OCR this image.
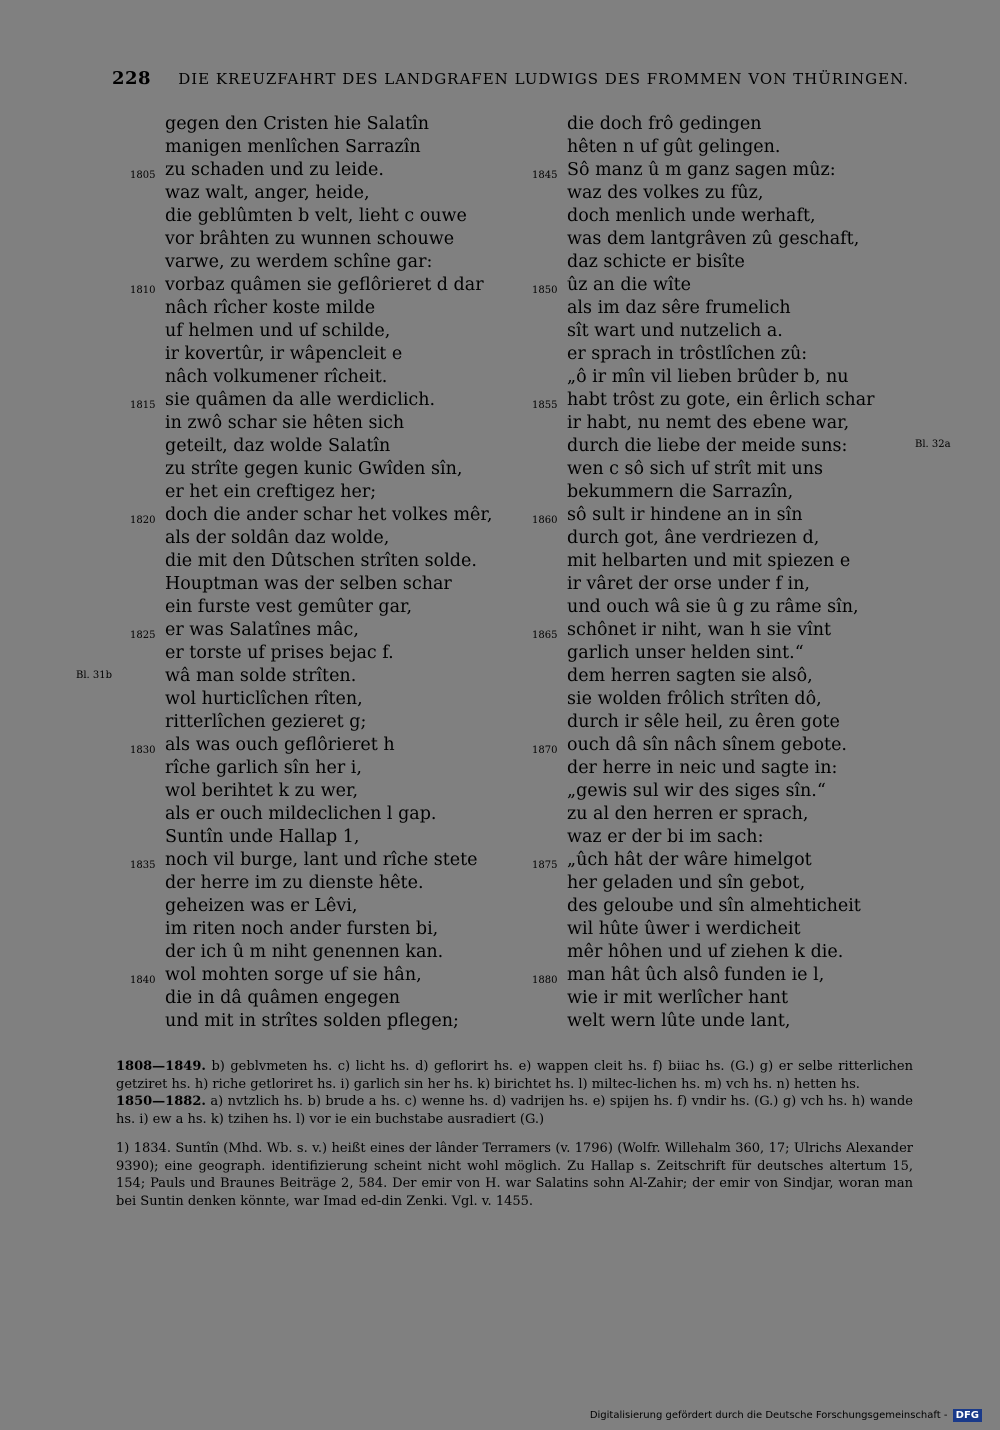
228 DIE KREUZFAHRT DES LANDGRAFEN LUDWIGS DES FROMMEN VON THÜRINGEN.
gegen den Cristen hie Salatîn
manigen menlîchen Sarrazîn
1805 zu schaden und zu leide.
waz walt, anger, heide,
die geblûmten b velt, lieht c ouwe
vor brâhten zu wunnen schouwe
varwe, zu werdem schîne gar:
1810 vorbaz quâmen sie geflôrieret d dar
nâch rîcher koste milde
uf helmen und uf schilde,
ir kovertûr, ir wâpencleit e
nâch volkumener rîcheit.
1815 sie quâmen da alle werdiclich.
in zwô schar sie hêten sich
geteilt, daz wolde Salatîn
zu strîte gegen kunic Gwîden sîn,
er het ein creftigez her;
1820 doch die ander schar het volkes mêr,
als der soldân daz wolde,
die mit den Dûtschen strîten solde.
Houptman was der selben schar
ein furste vest gemûter gar,
1825 er was Salatînes mâc,
er torste uf prises bejac f.
wâ man solde strîten.
wol hurticlîchen rîten,
ritterlîchen gezieret g;
1830 als was ouch geflôrieret h
rîche garlich sîn her i,
wol berihtet k zu wer,
als er ouch mildeclichen l gap.
Suntîn unde Hallap 1,
1835 noch vil burge, lant und rîche stete
der herre im zu dienste hête.
geheizen was er Lêvi,
im riten noch ander fursten bi,
der ich û m niht genennen kan.
1840 wol mohten sorge uf sie hân,
die in dâ quâmen engegen
und mit in strîtes solden pflegen;
die doch frô gedingen
hêten n uf gût gelingen.
1845 Sô manz û m ganz sagen mûz:
waz des volkes zu fûz,
doch menlich unde werhaft,
was dem lantgrâven zû geschaft,
daz schicte er bisîte
1850 ûz an die wîte
als im daz sêre frumelich
sît wart und nutzelich a.
er sprach in trôstlîchen zû:
„ô ir mîn vil lieben brûder b, nu
1855 habt trôst zu gote, ein êrlich schar
ir habt, nu nemt des ebene war,
durch die liebe der meide suns:
wen c sô sich uf strît mit uns
bekummern die Sarrazîn,
1860 sô sult ir hindene an in sîn
durch got, âne verdriezen d,
mit helbarten und mit spiezen e
ir vâret der orse under f in,
und ouch wâ sie û g zu râme sîn,
1865 schônet ir niht, wan h sie vînt
garlich unser helden sint.“
dem herren sagten sie alsô,
sie wolden frôlich strîten dô,
durch ir sêle heil, zu êren gote
1870 ouch dâ sîn nâch sînem gebote.
der herre in neic und sagte in:
„gewis sul wir des siges sîn.“
zu al den herren er sprach,
waz er der bi im sach:
1875 „ûch hât der wâre himelgot
her geladen und sîn gebot,
des geloube und sîn almehticheit
wil hûte ûwer i werdicheit
mêr hôhen und uf ziehen k die.
1880 man hât ûch alsô funden ie l,
wie ir mit werlîcher hant
welt wern lûte unde lant,
Bl. 32a
Bl. 31b

1808—1849. b) geblvmeten hs. c) licht hs. d) geflorirt hs. e) wappen cleit hs. f) biiac hs. (G.) g) er selbe ritterlichen getziret hs. h) riche getloriret hs. i) garlich sin her hs. k) birichtet hs. l) miltec-lichen hs. m) vch hs. n) hetten hs.

1850—1882. a) nvtzlich hs. b) brude a hs. c) wenne hs. d) vadrijen hs. e) spijen hs. f) vndir hs. (G.) g) vch hs. h) wande hs. i) ew a hs. k) tzihen hs. l) vor ie ein buchstabe ausradiert (G.)

1) 1834. Suntîn (Mhd. Wb. s. v.) heißt eines der lânder Terramers (v. 1796) (Wolfr. Willehalm 360, 17; Ulrichs Alexander 9390); eine geograph. identifizierung scheint nicht wohl möglich. Zu Hallap s. Zeitschrift für deutsches altertum 15, 154; Pauls und Braunes Beiträge 2, 584. Der emir von H. war Salatins sohn Al-Zahir; der emir von Sindjar, woran man bei Suntin denken könnte, war Imad ed-din Zenki. Vgl. v. 1455.

Digitalisierung gefördert durch die Deutsche Forschungsgemeinschaft - DFG
